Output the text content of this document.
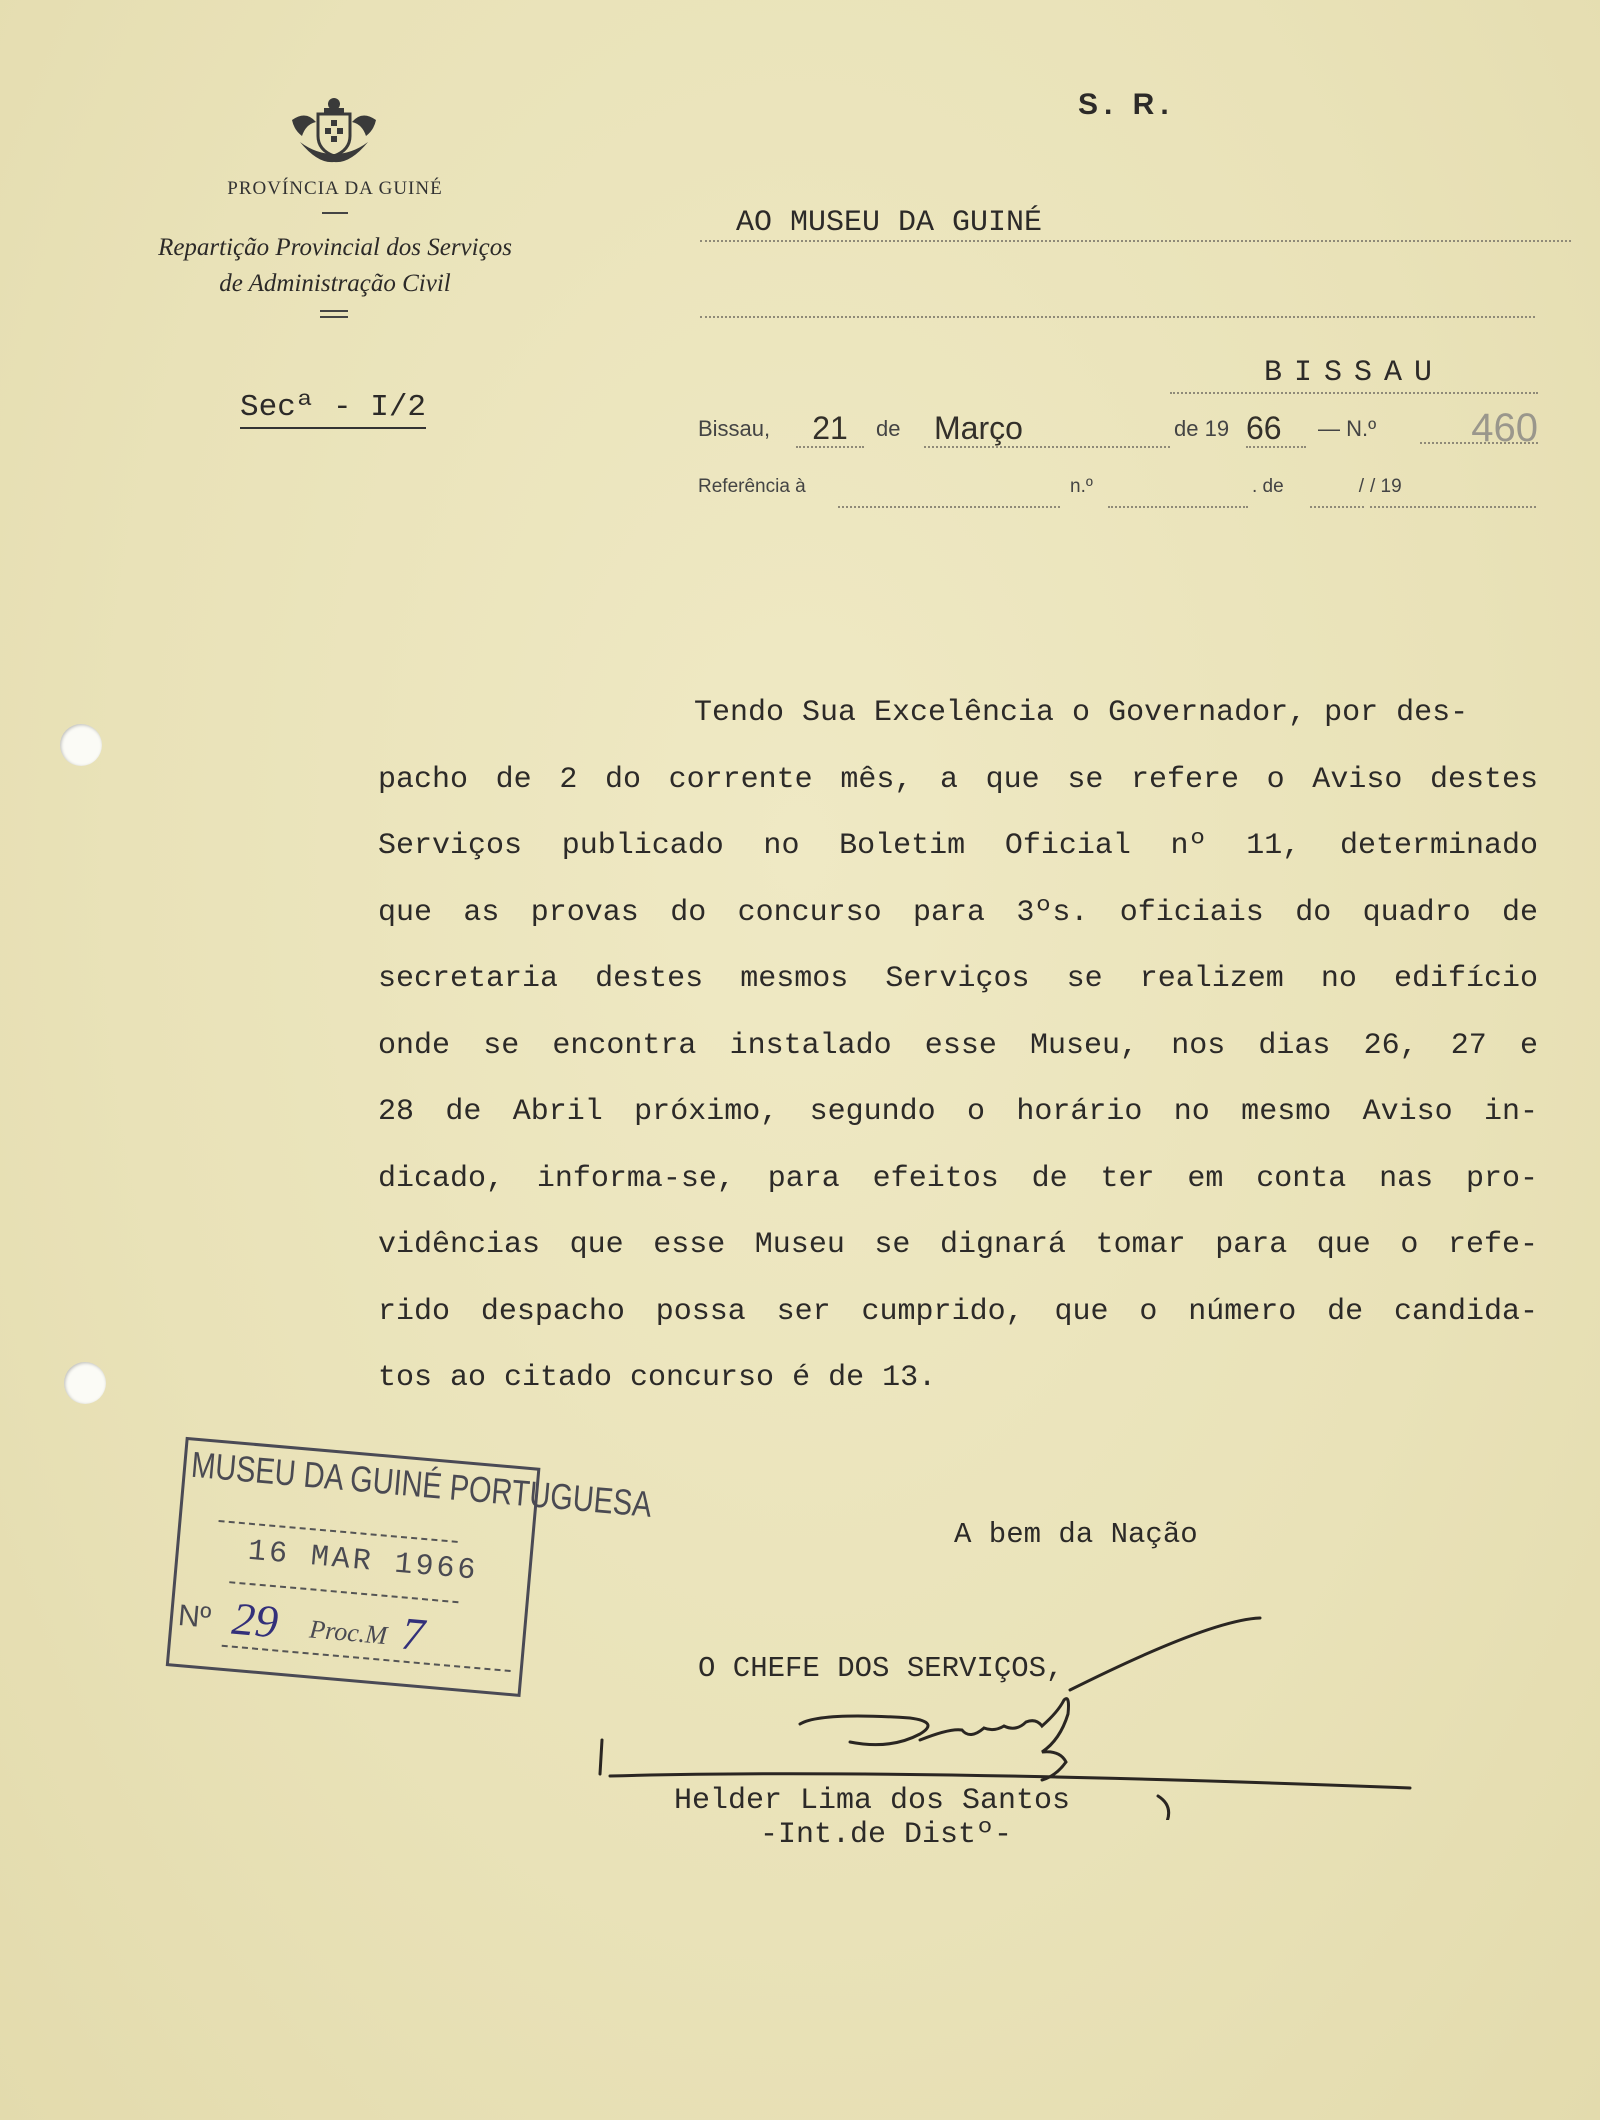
PROVÍNCIA DA GUINÉ
Repartição Provincial dos Serviços
de Administração Civil
Secª - I/2
S. R.
AO MUSEU DA GUINÉ
BISSAU
Bissau,	21	de	Março	de 19 66	— N.º	460
Referência à	n.º	. de	/ / 19
Tendo Sua Excelência o Governador, por des-
pacho de 2 do corrente mês, a que se refere o Aviso destes
Serviços publicado no Boletim Oficial nº 11, determinado
que as provas do concurso para 3ºs. oficiais do quadro de
secretaria destes mesmos Serviços se realizem no edifício
onde se encontra instalado esse Museu, nos dias 26, 27 e
28 de Abril próximo, segundo o horário no mesmo Aviso in-
dicado, informa-se, para efeitos de ter em conta nas pro-
vidências que esse Museu se dignará tomar para que o refe-
rido despacho possa ser cumprido, que o número de candida-
tos ao citado concurso é de 13.
A bem da Nação
O CHEFE DOS SERVIÇOS,
Helder Lima dos Santos
-Int.de Distº-
MUSEU DA GUINÉ PORTUGUESA
16 MAR 1966
Nº 29 Proc.M 7
